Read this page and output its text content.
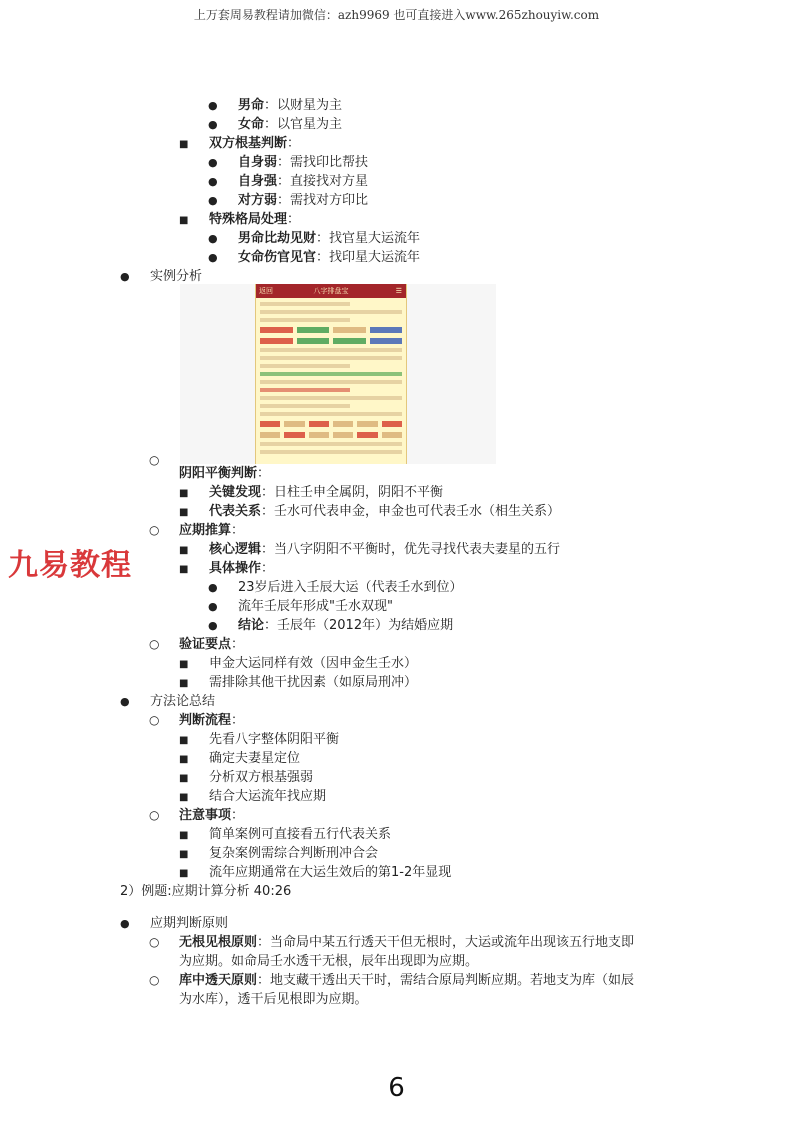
上万套周易教程请加微信：azh9969 也可直接进入www.265zhouyiw.com
● 男命：以财星为主
● 女命：以官星为主
■ 双方根基判断：
● 自身弱：需找印比帮扶
● 自身强：直接找对方星
● 对方弱：需找对方印比
■ 特殊格局处理：
● 男命比劫见财：找官星大运流年
● 女命伤官见官：找印星大运流年
● 实例分析
返回	八字排盘宝	☰
○
阴阳平衡判断：
■ 关键发现：日柱壬申全属阴，阴阳不平衡
■ 代表关系：壬水可代表申金，申金也可代表壬水（相生关系）
○ 应期推算：
■ 核心逻辑：当八字阴阳不平衡时，优先寻找代表夫妻星的五行
■ 具体操作：
● 23岁后进入壬辰大运（代表壬水到位）
● 流年壬辰年形成"壬水双现"
● 结论：壬辰年（2012年）为结婚应期
○ 验证要点：
■ 申金大运同样有效（因申金生壬水）
■ 需排除其他干扰因素（如原局刑冲）
● 方法论总结
○ 判断流程：
■ 先看八字整体阴阳平衡
■ 确定夫妻星定位
■ 分析双方根基强弱
■ 结合大运流年找应期
○ 注意事项：
■ 简单案例可直接看五行代表关系
■ 复杂案例需综合判断刑冲合会
■ 流年应期通常在大运生效后的第1-2年显现
2）例题:应期计算分析 40:26
● 应期判断原则
○ 无根见根原则：当命局中某五行透天干但无根时，大运或流年出现该五行地支即
为应期。如命局壬水透干无根，辰年出现即为应期。
○ 库中透天原则：地支藏干透出天干时，需结合原局判断应期。若地支为库（如辰
为水库），透干后见根即为应期。
九易教程
6
